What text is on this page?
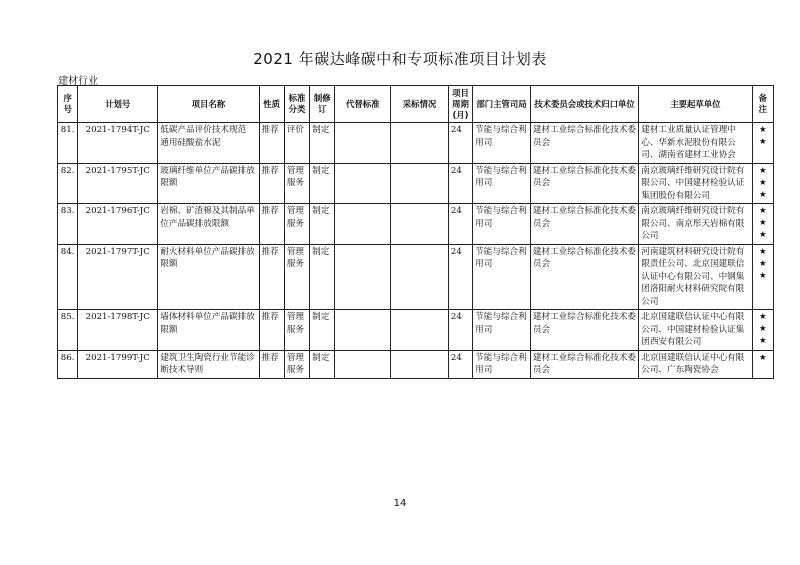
2021 年碳达峰碳中和专项标准项目计划表
建材行业
序号	计划号	项目名称	性质	标准分类	制修订	代替标准	采标情况	项目周期(月)	部门主管司局	技术委员会或技术归口单位	主要起草单位	备注
81.	2021-1794T-JC	低碳产品评价技术规范 通用硅酸盐水泥	推荐	评价	制定			24	节能与综合利用司	建材工业综合标准化技术委员会	建材工业质量认证管理中心、华新水泥股份有限公司、湖南省建材工业协会	★ ★
82.	2021-1795T-JC	玻璃纤维单位产品碳排放限额	推荐	管理服务	制定			24	节能与综合利用司	建材工业综合标准化技术委员会	南京玻璃纤维研究设计院有限公司、中国建材检验认证集团股份有限公司	★ ★ ★
83.	2021-1796T-JC	岩棉、矿渣棉及其制品单位产品碳排放限额	推荐	管理服务	制定			24	节能与综合利用司	建材工业综合标准化技术委员会	南京玻璃纤维研究设计院有限公司、南京彤天岩棉有限公司	★ ★ ★
84.	2021-1797T-JC	耐火材料单位产品碳排放限额	推荐	管理服务	制定			24	节能与综合利用司	建材工业综合标准化技术委员会	河南建筑材料研究设计院有限责任公司、北京国建联信认证中心有限公司、中钢集团洛阳耐火材料研究院有限公司	★ ★ ★
85.	2021-1798T-JC	墙体材料单位产品碳排放限额	推荐	管理服务	制定			24	节能与综合利用司	建材工业综合标准化技术委员会	北京国建联信认证中心有限公司、中国建材检验认证集团西安有限公司	★ ★ ★
86.	2021-1799T-JC	建筑卫生陶瓷行业节能诊断技术导则	推荐	管理服务	制定			24	节能与综合利用司	建材工业综合标准化技术委员会	北京国建联信认证中心有限公司、广东陶瓷协会	★
14
